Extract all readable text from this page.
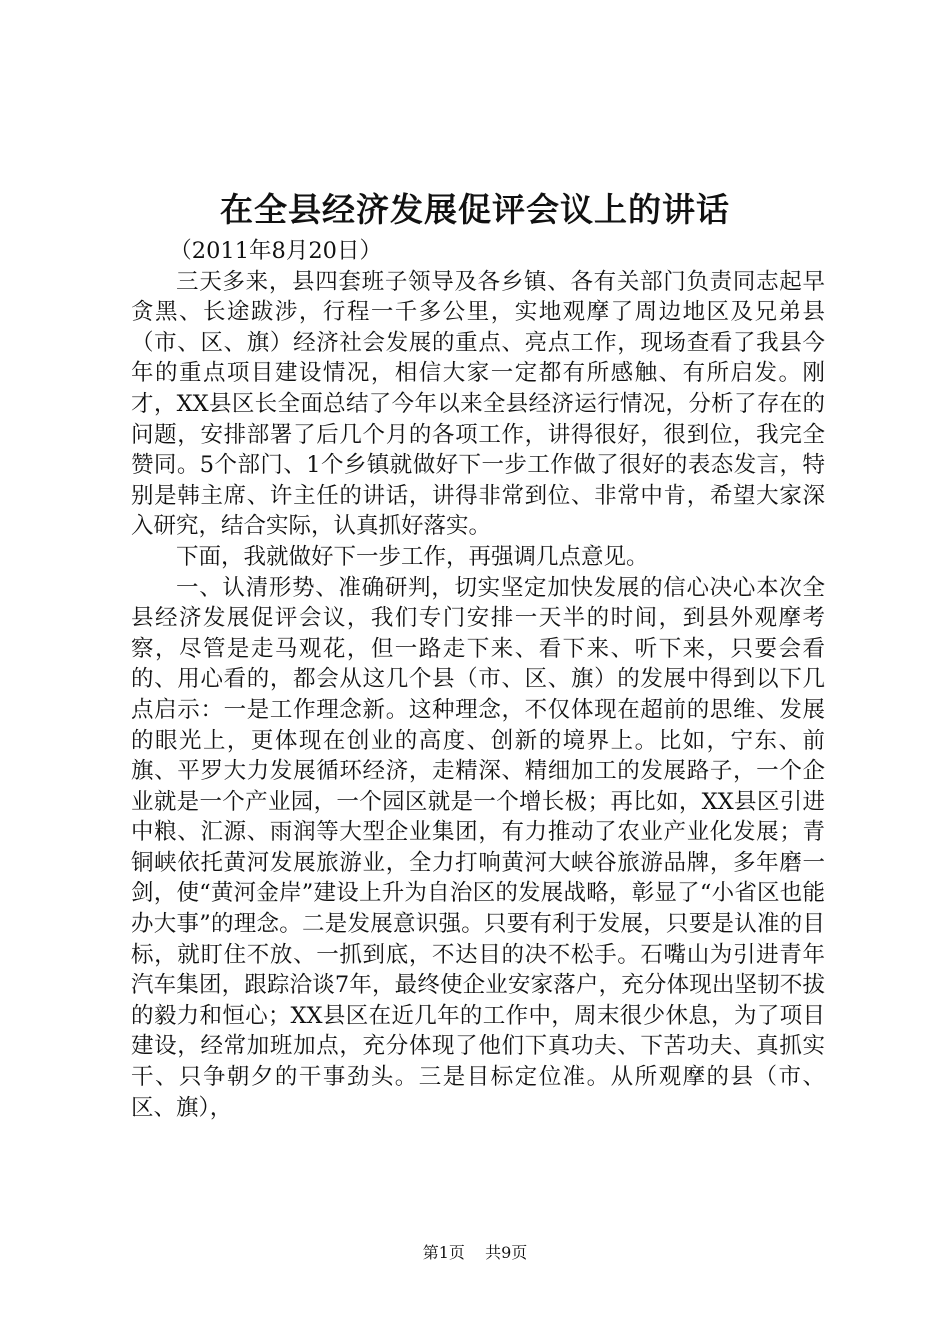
在全县经济发展促评会议上的讲话

（2011年8月20日）

三天多来，县四套班子领导及各乡镇、各有关部门负责同志起早贪黑、长途跋涉，行程一千多公里，实地观摩了周边地区及兄弟县（市、区、旗）经济社会发展的重点、亮点工作，现场查看了我县今年的重点项目建设情况，相信大家一定都有所感触、有所启发。刚才，XX县区长全面总结了今年以来全县经济运行情况，分析了存在的问题，安排部署了后几个月的各项工作，讲得很好，很到位，我完全赞同。5个部门、1个乡镇就做好下一步工作做了很好的表态发言，特别是韩主席、许主任的讲话，讲得非常到位、非常中肯，希望大家深入研究，结合实际，认真抓好落实。

下面，我就做好下一步工作，再强调几点意见。

一、认清形势、准确研判，切实坚定加快发展的信心决心本次全县经济发展促评会议，我们专门安排一天半的时间，到县外观摩考察，尽管是走马观花，但一路走下来、看下来、听下来，只要会看的、用心看的，都会从这几个县（市、区、旗）的发展中得到以下几点启示：一是工作理念新。这种理念，不仅体现在超前的思维、发展的眼光上，更体现在创业的高度、创新的境界上。比如，宁东、前旗、平罗大力发展循环经济，走精深、精细加工的发展路子，一个企业就是一个产业园，一个园区就是一个增长极；再比如，XX县区引进中粮、汇源、雨润等大型企业集团，有力推动了农业产业化发展；青铜峡依托黄河发展旅游业，全力打响黄河大峡谷旅游品牌，多年磨一剑，使“黄河金岸”建设上升为自治区的发展战略，彰显了“小省区也能办大事”的理念。二是发展意识强。只要有利于发展，只要是认准的目标，就盯住不放、一抓到底，不达目的决不松手。石嘴山为引进青年汽车集团，跟踪洽谈7年，最终使企业安家落户，充分体现出坚韧不拔的毅力和恒心；XX县区在近几年的工作中，周末很少休息，为了项目建设，经常加班加点，充分体现了他们下真功夫、下苦功夫、真抓实干、只争朝夕的干事劲头。三是目标定位准。从所观摩的县（市、区、旗），

第1页 共9页
